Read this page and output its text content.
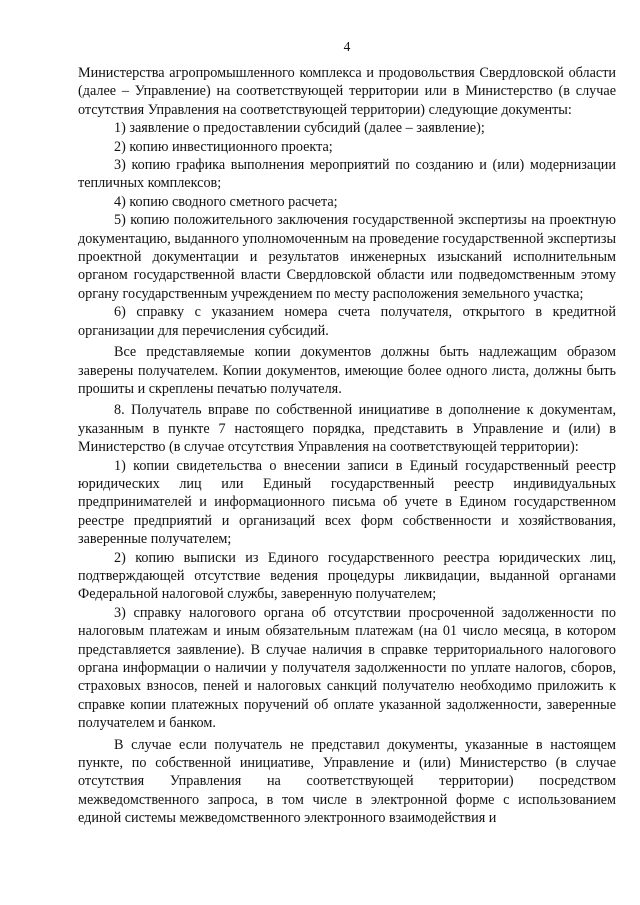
4

Министерства агропромышленного комплекса и продовольствия Свердловской области (далее – Управление) на соответствующей территории или в Министерство (в случае отсутствия Управления на соответствующей территории) следующие документы:

1) заявление о предоставлении субсидий (далее – заявление);

2) копию инвестиционного проекта;

3) копию графика выполнения мероприятий по созданию и (или) модернизации тепличных комплексов;

4) копию сводного сметного расчета;

5) копию положительного заключения государственной экспертизы на проектную документацию, выданного уполномоченным на проведение государственной экспертизы проектной документации и результатов инженерных изысканий исполнительным органом государственной власти Свердловской области или подведомственным этому органу государственным учреждением по месту расположения земельного участка;

6) справку с указанием номера счета получателя, открытого в кредитной организации для перечисления субсидий.

Все представляемые копии документов должны быть надлежащим образом заверены получателем. Копии документов, имеющие более одного листа, должны быть прошиты и скреплены печатью получателя.

8. Получатель вправе по собственной инициативе в дополнение к документам, указанным в пункте 7 настоящего порядка, представить в Управление и (или) в Министерство (в случае отсутствия Управления на соответствующей территории):

1) копии свидетельства о внесении записи в Единый государственный реестр юридических лиц или Единый государственный реестр индивидуальных предпринимателей и информационного письма об учете в Едином государственном реестре предприятий и организаций всех форм собственности и хозяйствования, заверенные получателем;

2) копию выписки из Единого государственного реестра юридических лиц, подтверждающей отсутствие ведения процедуры ликвидации, выданной органами Федеральной налоговой службы, заверенную получателем;

3) справку налогового органа об отсутствии просроченной задолженности по налоговым платежам и иным обязательным платежам (на 01 число месяца, в котором представляется заявление). В случае наличия в справке территориального налогового органа информации о наличии у получателя задолженности по уплате налогов, сборов, страховых взносов, пеней и налоговых санкций получателю необходимо приложить к справке копии платежных поручений об оплате указанной задолженности, заверенные получателем и банком.

В случае если получатель не представил документы, указанные в настоящем пункте, по собственной инициативе, Управление и (или) Министерство (в случае отсутствия Управления на соответствующей территории) посредством межведомственного запроса, в том числе в электронной форме с использованием единой системы межведомственного электронного взаимодействия и
